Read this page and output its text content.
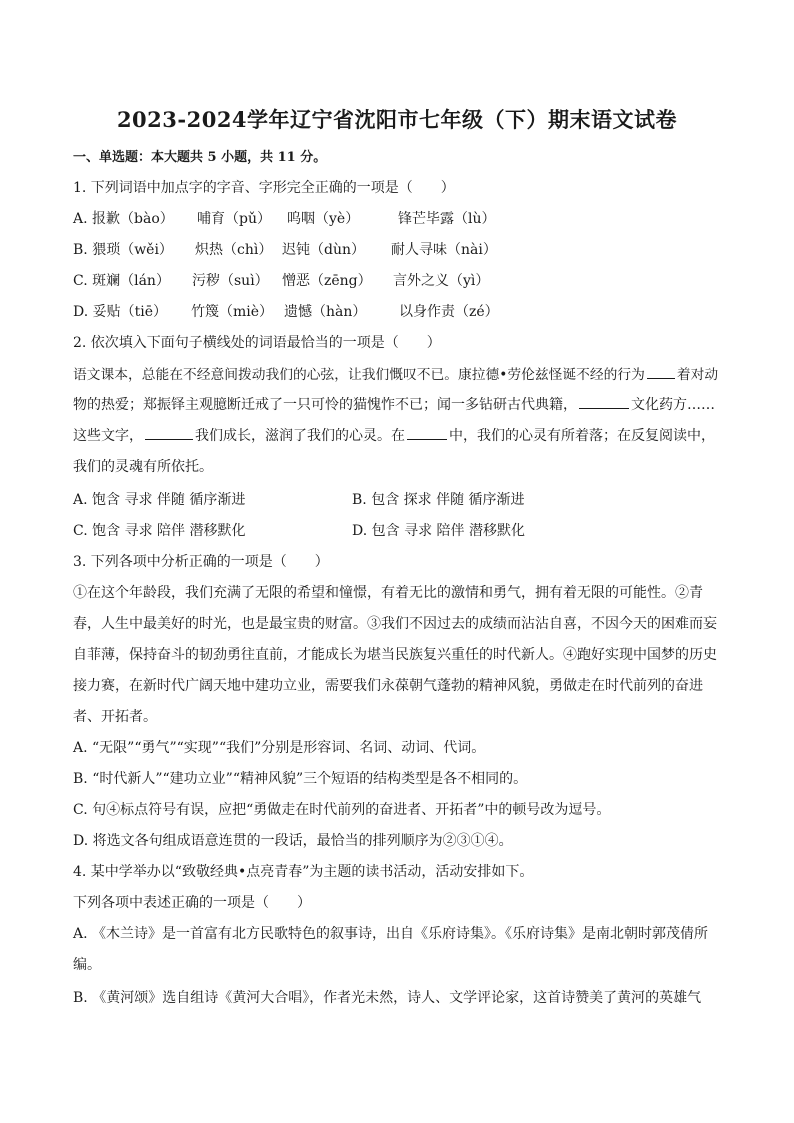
2023-2024学年辽宁省沈阳市七年级（下）期末语文试卷
一、单选题：本大题共 5 小题，共 11 分。
1. 下列词语中加点字的字音、字形完全正确的一项是（　　）
A. 报歉（bào） 哺育（pǔ） 呜咽（yè）	锋芒毕露（lù）
B. 猥琐（wěi） 炽热（chì） 迟钝（dùn） 耐人寻味（nài）
C. 斑斓（lán） 污秽（suì） 憎恶（zēng） 言外之义（yì）
D. 妥贴（tiē） 竹篾（miè） 遗憾（hàn） 以身作责（zé）
2. 依次填入下面句子横线处的词语最恰当的一项是（　　）
语文课本，总能在不经意间拨动我们的心弦，让我们慨叹不已。康拉德•劳伦兹怪诞不经的行为 着对动
物的热爱；郑振铎主观臆断迁戒了一只可怜的猫愧怍不已；闻一多钻研古代典籍，	文化药方……
这些文字，	我们成长，滋润了我们的心灵。在	中，我们的心灵有所着落；在反复阅读中，
我们的灵魂有所依托。
A. 饱含 寻求 伴随 循序渐进	B. 包含 探求 伴随 循序渐进
C. 饱含 寻求 陪伴 潜移默化	D. 包含 寻求 陪伴 潜移默化
3. 下列各项中分析正确的一项是（　　）
①在这个年龄段，我们充满了无限的希望和憧憬，有着无比的激情和勇气，拥有着无限的可能性。②青
春，人生中最美好的时光，也是最宝贵的财富。③我们不因过去的成绩而沾沾自喜，不因今天的困难而妄
自菲薄，保持奋斗的韧劲勇往直前，才能成长为堪当民族复兴重任的时代新人。④跑好实现中国梦的历史
接力赛，在新时代广阔天地中建功立业，需要我们永葆朝气蓬勃的精神风貌，勇做走在时代前列的奋进
者、开拓者。
A. “无限”“勇气”“实现”“我们”分别是形容词、名词、动词、代词。
B. “时代新人”“建功立业”“精神风貌”三个短语的结构类型是各不相同的。
C. 句④标点符号有误，应把“勇做走在时代前列的奋进者、开拓者”中的顿号改为逗号。
D. 将选文各句组成语意连贯的一段话，最恰当的排列顺序为②③①④。
4. 某中学举办以“致敬经典•点亮青春”为主题的读书活动，活动安排如下。
下列各项中表述正确的一项是（　　）
A. 《木兰诗》是一首富有北方民歌特色的叙事诗，出自《乐府诗集》。《乐府诗集》是南北朝时郭茂倩所
编。
B. 《黄河颂》选自组诗《黄河大合唱》，作者光未然，诗人、文学评论家，这首诗赞美了黄河的英雄气
